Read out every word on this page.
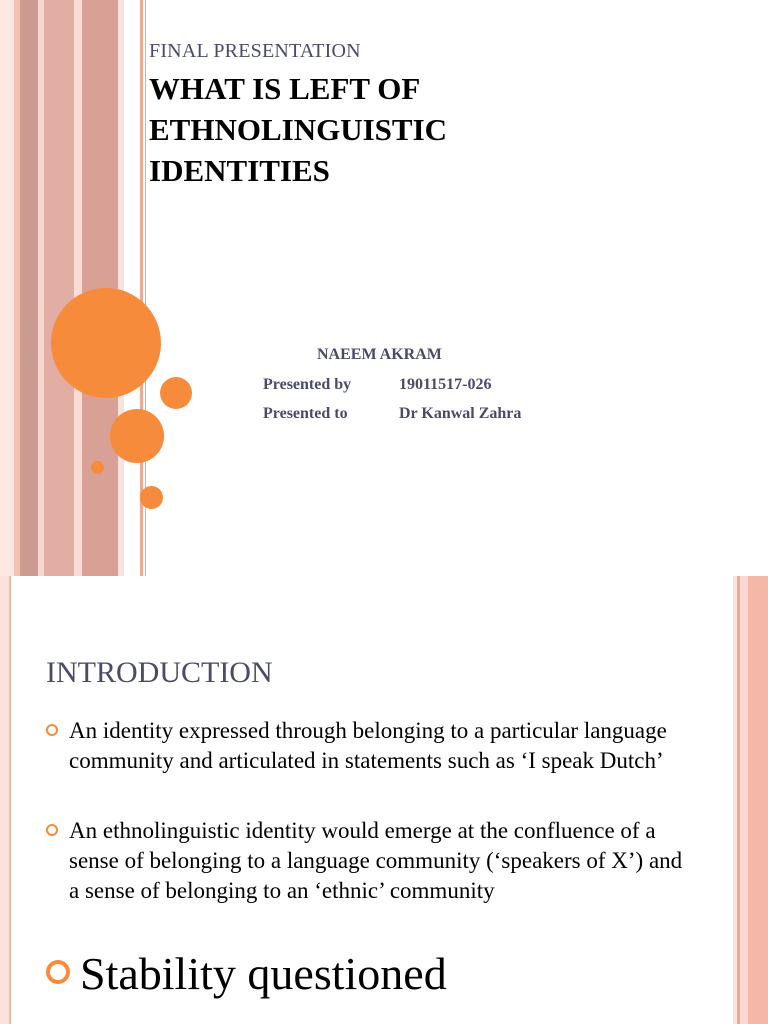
FINAL PRESENTATION
WHAT IS LEFT OF ETHNOLINGUISTIC IDENTITIES
NAEEM AKRAM
Presented by	19011517-026
Presented to	Dr Kanwal Zahra
INTRODUCTION
An identity expressed through belonging to a particular language community and articulated in statements such as ‘I speak Dutch’
An ethnolinguistic identity would emerge at the confluence of a sense of belonging to a language community (‘speakers of X’) and a sense of belonging to an ‘ethnic’ community
Stability questioned
